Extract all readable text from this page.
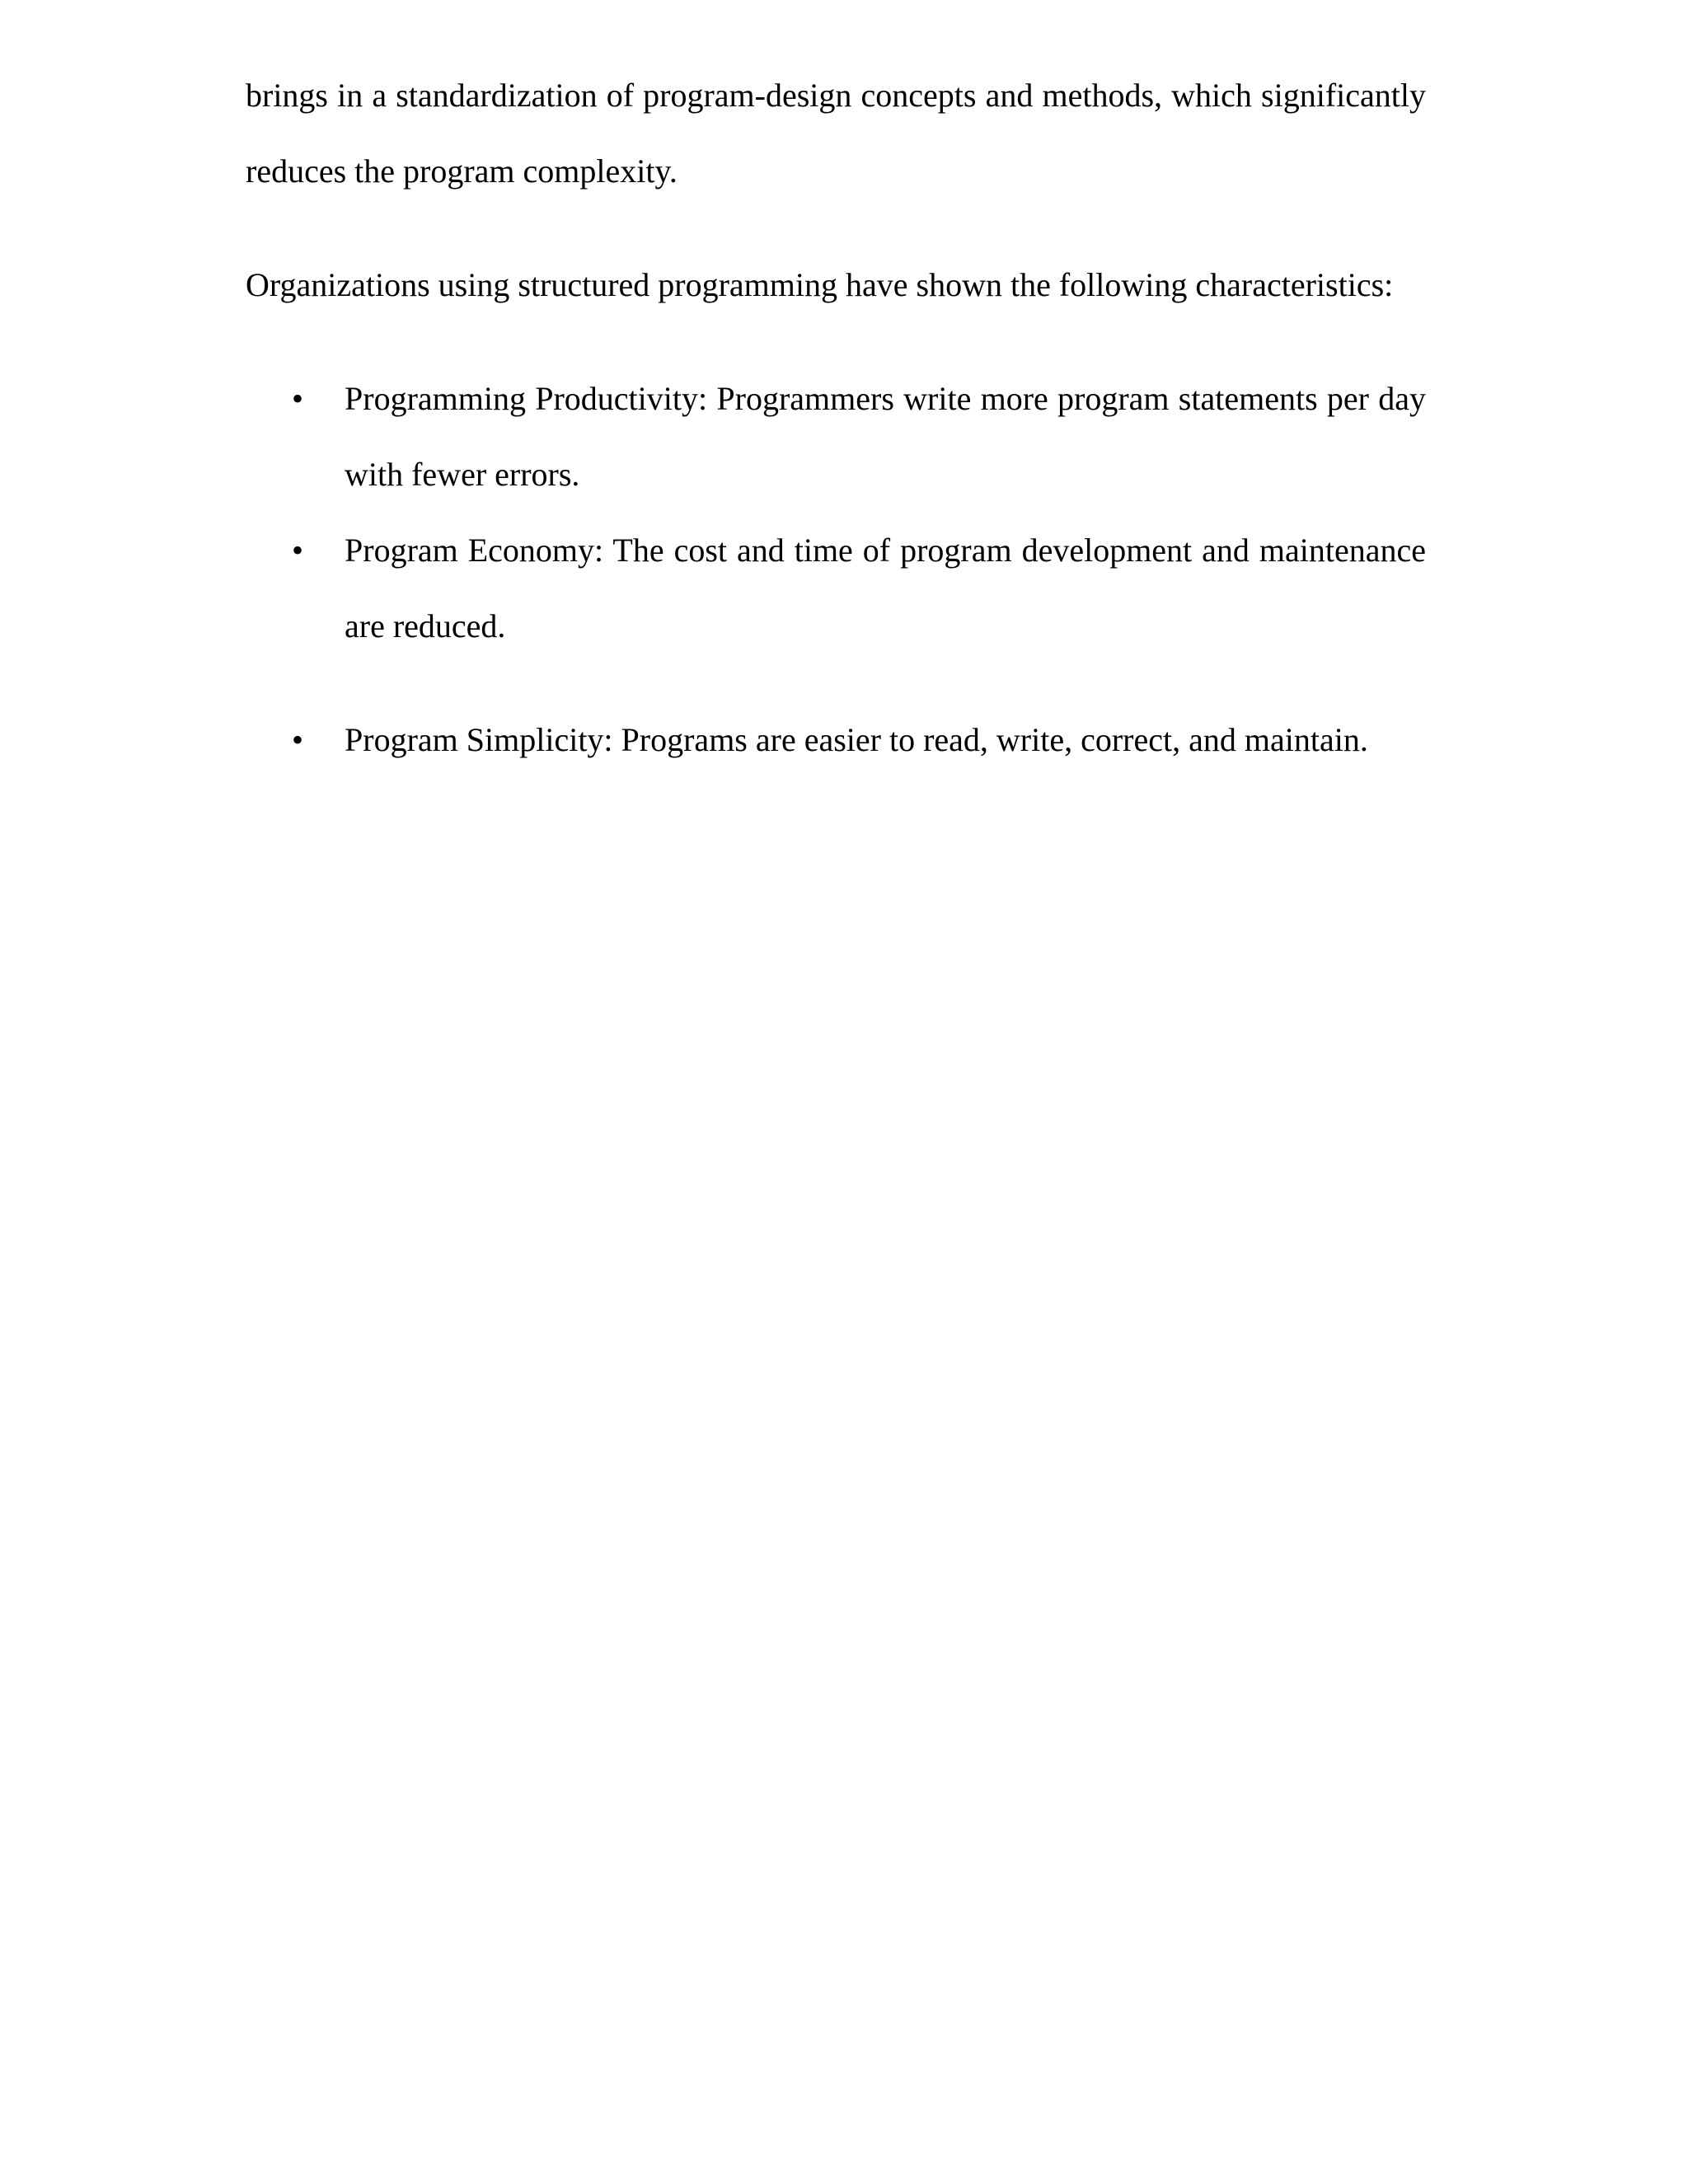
brings in a standardization of program-design concepts and methods, which significantly reduces the program complexity.
Organizations using structured programming have shown the following characteristics:
• Programming Productivity: Programmers write more program statements per day with fewer errors.
• Program Economy: The cost and time of program development and maintenance are reduced.
• Program Simplicity: Programs are easier to read, write, correct, and maintain.
